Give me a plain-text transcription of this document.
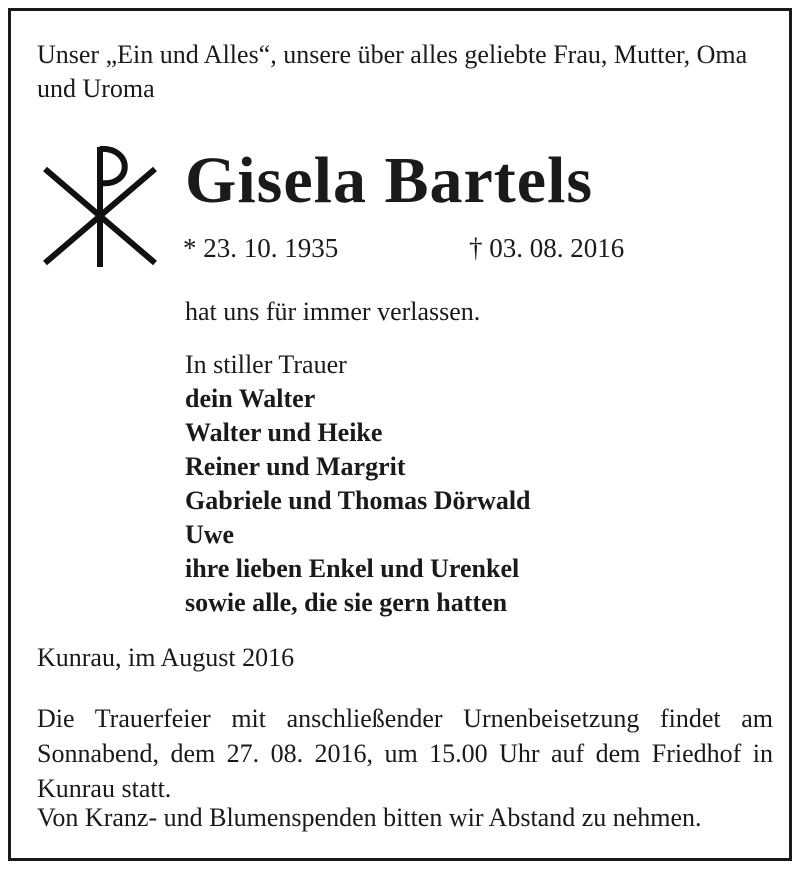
Unser „Ein und Alles“, unsere über alles geliebte Frau, Mutter, Oma und Uroma
Gisela Bartels
* 23. 10. 1935	† 03. 08. 2016
hat uns für immer verlassen.
In stiller Trauer
dein Walter
Walter und Heike
Reiner und Margrit
Gabriele und Thomas Dörwald
Uwe
ihre lieben Enkel und Urenkel
sowie alle, die sie gern hatten
Kunrau, im August 2016
Die Trauerfeier mit anschließender Urnenbeisetzung findet am Sonnabend, dem 27. 08. 2016, um 15.00 Uhr auf dem Friedhof in Kunrau statt.
Von Kranz- und Blumenspenden bitten wir Abstand zu nehmen.
